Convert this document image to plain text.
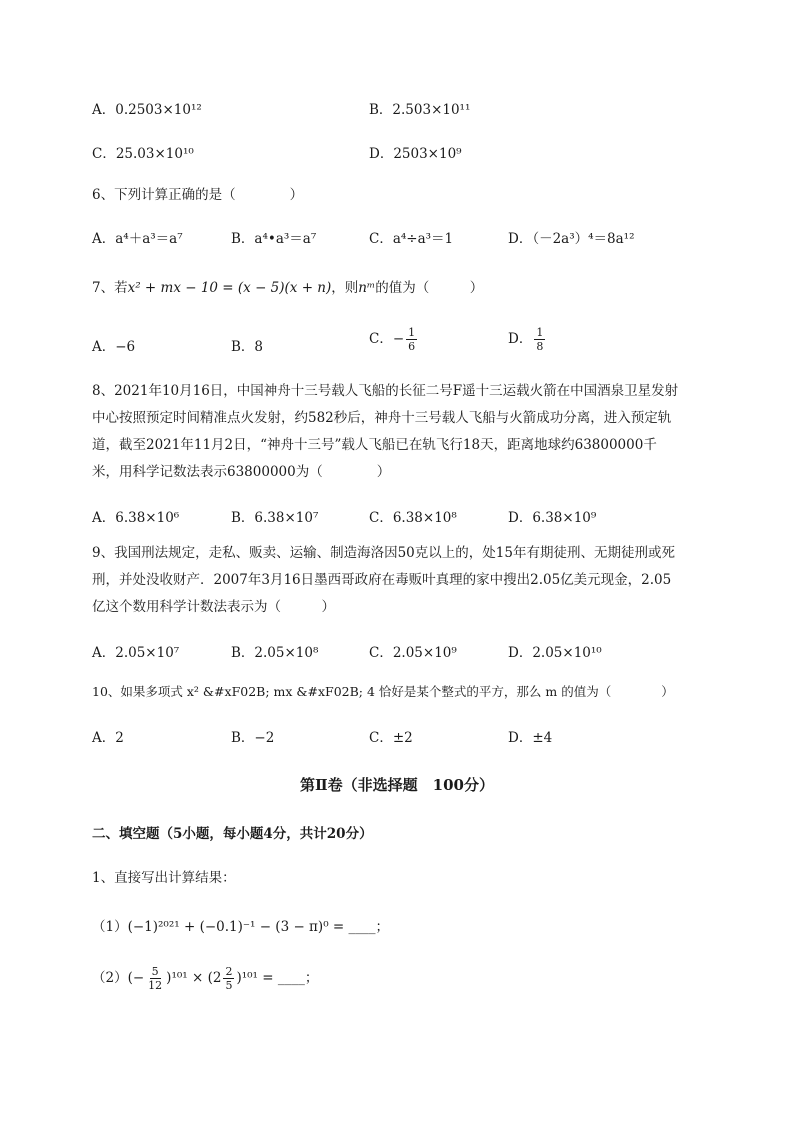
A．0.2503×10¹²	B．2.503×10¹¹
C．25.03×10¹⁰	D．2503×10⁹
6、下列计算正确的是（　　　　）
A．a⁴＋a³＝a⁷	B．a⁴•a³＝a⁷	C．a⁴÷a³＝1	D．（－2a³）⁴＝8a¹²
7、若x² + mx − 10 = (x − 5)(x + n)，则nᵐ的值为（　　　）
A．−6	B．8	C．− $\frac{1}{6}$	D． $\frac{1}{8}$
8、2021年10月16日，中国神舟十三号载人飞船的长征二号F遥十三运载火箭在中国酒泉卫星发射
中心按照预定时间精准点火发射，约582秒后，神舟十三号载人飞船与火箭成功分离，进入预定轨
道，截至2021年11月2日，“神舟十三号”载人飞船已在轨飞行18天，距离地球约63800000千
米，用科学记数法表示63800000为（　　　　）
A．6.38×10⁶	B．6.38×10⁷	C．6.38×10⁸	D．6.38×10⁹
9、我国刑法规定，走私、贩卖、运输、制造海洛因50克以上的，处15年有期徒刑、无期徒刑或死
刑，并处没收财产．2007年3月16日墨西哥政府在毒贩叶真理的家中搜出2.05亿美元现金，2.05
亿这个数用科学计数法表示为（　　　）
A．2.05×10⁷	B．2.05×10⁸	C．2.05×10⁹	D．2.05×10¹⁰
10、如果多项式 x² &#xF02B; mx &#xF02B; 4 恰好是某个整式的平方，那么 m 的值为（　　　　）
A．2	B．−2	C．±2	D．±4
第Ⅱ卷（非选择题　100分）
二、填空题（5小题，每小题4分，共计20分）
1、直接写出计算结果：
（1）(−1)²⁰²¹ + (−0.1)⁻¹ − (3 − π)⁰ = ____；
$(2)(- \frac{5}{12} )^{101} \times (2 \frac{2}{5} )^{101}$ = ____；
